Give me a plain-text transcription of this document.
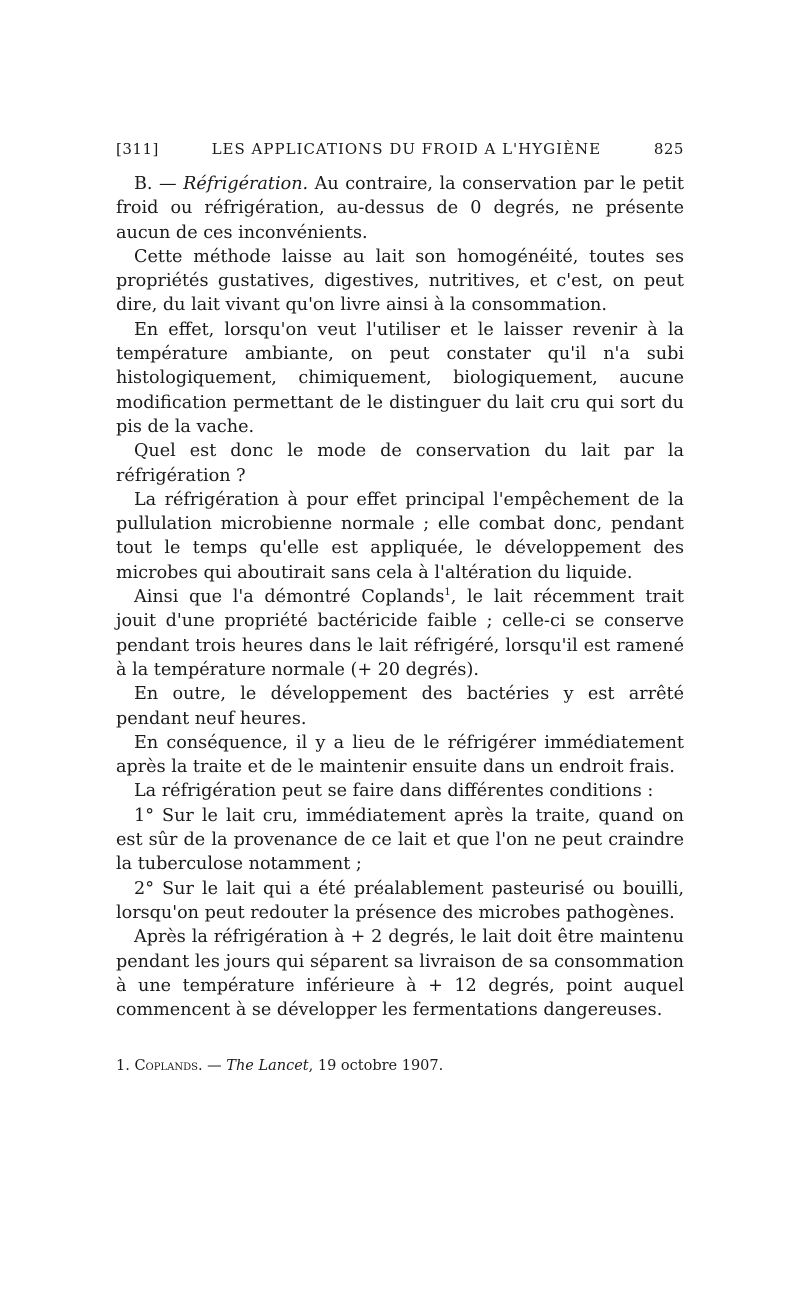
[311]	LES APPLICATIONS DU FROID A L'HYGIÈNE	825

B. — Réfrigération. Au contraire, la conservation par le petit froid ou réfrigération, au-dessus de 0 degrés, ne présente aucun de ces inconvénients.

Cette méthode laisse au lait son homogénéité, toutes ses propriétés gustatives, digestives, nutritives, et c'est, on peut dire, du lait vivant qu'on livre ainsi à la consommation.

En effet, lorsqu'on veut l'utiliser et le laisser revenir à la température ambiante, on peut constater qu'il n'a subi histologiquement, chimiquement, biologiquement, aucune modification permettant de le distinguer du lait cru qui sort du pis de la vache.

Quel est donc le mode de conservation du lait par la réfrigération ?

La réfrigération à pour effet principal l'empêchement de la pullulation microbienne normale ; elle combat donc, pendant tout le temps qu'elle est appliquée, le développement des microbes qui aboutirait sans cela à l'altération du liquide.

Ainsi que l'a démontré Coplands$^1$, le lait récemment trait jouit d'une propriété bactéricide faible ; celle-ci se conserve pendant trois heures dans le lait réfrigéré, lorsqu'il est ramené à la température normale (+ 20 degrés).

En outre, le développement des bactéries y est arrêté pendant neuf heures.

En conséquence, il y a lieu de le réfrigérer immédiatement après la traite et de le maintenir ensuite dans un endroit frais.

La réfrigération peut se faire dans différentes conditions :

1° Sur le lait cru, immédiatement après la traite, quand on est sûr de la provenance de ce lait et que l'on ne peut craindre la tuberculose notamment ;

2° Sur le lait qui a été préalablement pasteurisé ou bouilli, lorsqu'on peut redouter la présence des microbes pathogènes.

Après la réfrigération à + 2 degrés, le lait doit être maintenu pendant les jours qui séparent sa livraison de sa consommation à une température inférieure à + 12 degrés, point auquel commencent à se développer les fermentations dangereuses.

1. Coplands. — The Lancet, 19 octobre 1907.
